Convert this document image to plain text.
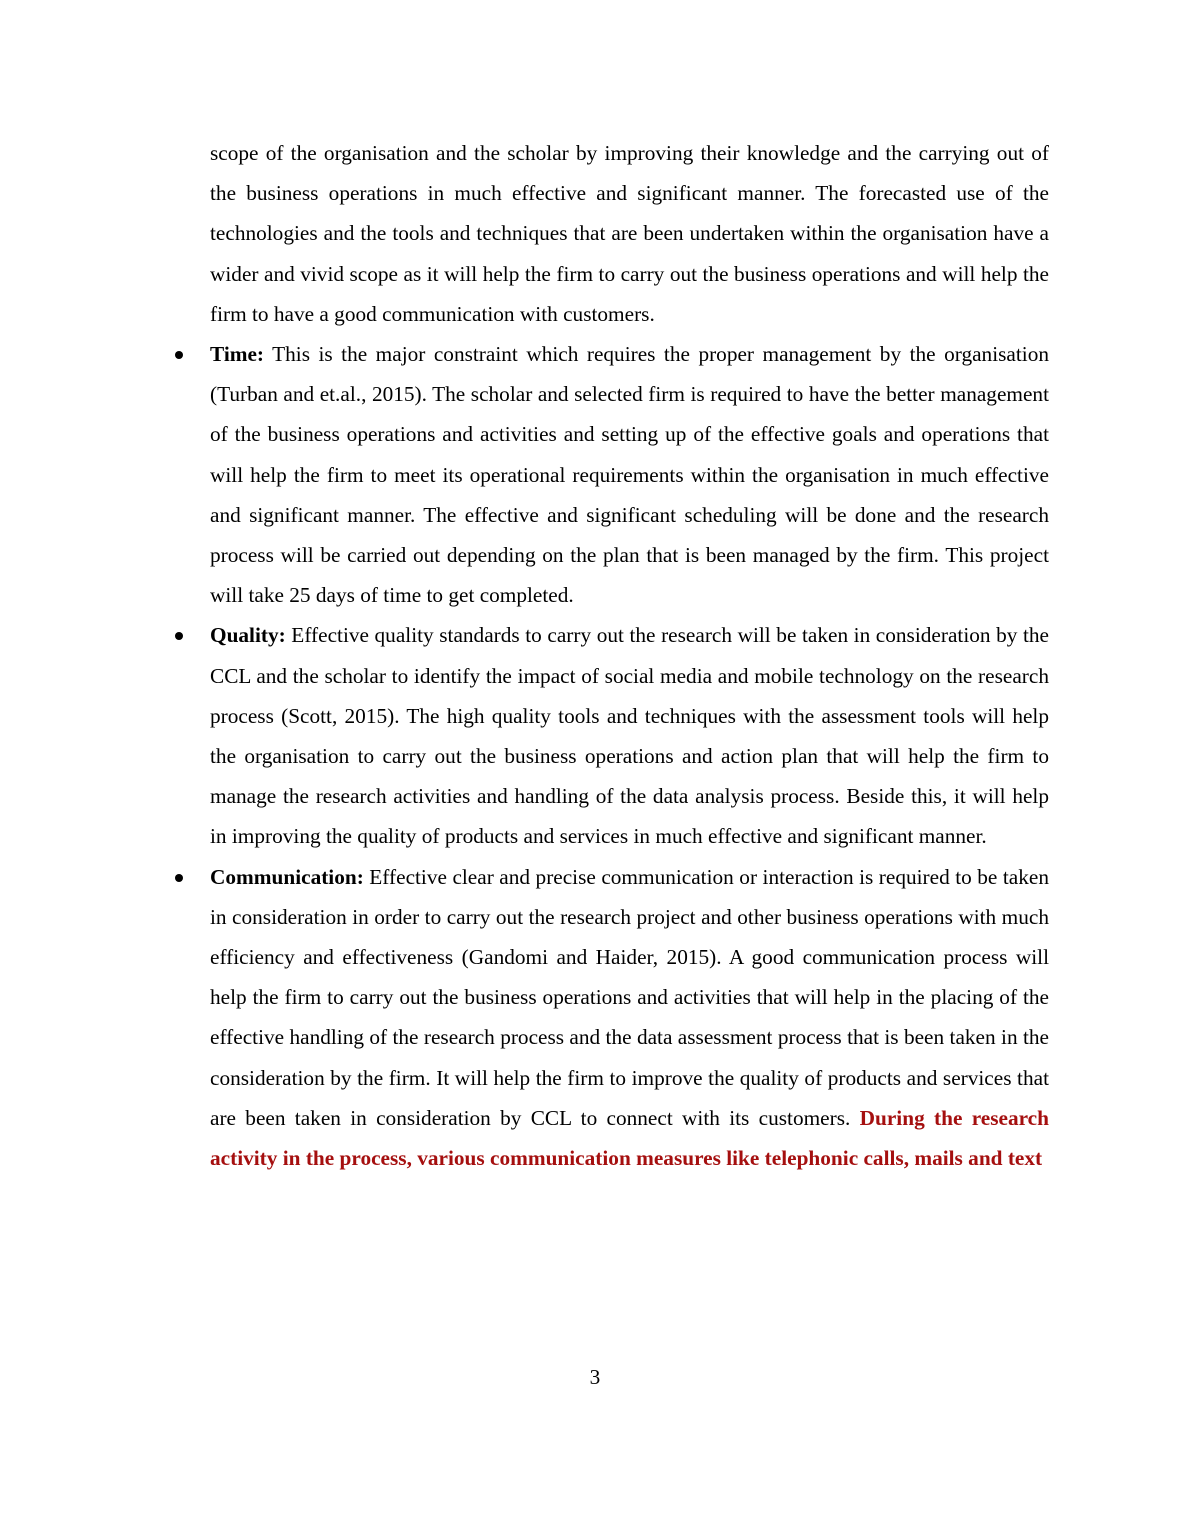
scope of the organisation and the scholar by improving their knowledge and the carrying out of the business operations in much effective and significant manner. The forecasted use of the technologies and the tools and techniques that are been undertaken within the organisation have a wider and vivid scope as it will help the firm to carry out the business operations and will help the firm to have a good communication with customers.

Time: This is the major constraint which requires the proper management by the organisation (Turban and et.al., 2015). The scholar and selected firm is required to have the better management of the business operations and activities and setting up of the effective goals and operations that will help the firm to meet its operational requirements within the organisation in much effective and significant manner. The effective and significant scheduling will be done and the research process will be carried out depending on the plan that is been managed by the firm. This project will take 25 days of time to get completed.
Quality: Effective quality standards to carry out the research will be taken in consideration by the CCL and the scholar to identify the impact of social media and mobile technology on the research process (Scott, 2015). The high quality tools and techniques with the assessment tools will help the organisation to carry out the business operations and action plan that will help the firm to manage the research activities and handling of the data analysis process. Beside this, it will help in improving the quality of products and services in much effective and significant manner.
Communication: Effective clear and precise communication or interaction is required to be taken in consideration in order to carry out the research project and other business operations with much efficiency and effectiveness (Gandomi and Haider, 2015). A good communication process will help the firm to carry out the business operations and activities that will help in the placing of the effective handling of the research process and the data assessment process that is been taken in the consideration by the firm. It will help the firm to improve the quality of products and services that are been taken in consideration by CCL to connect with its customers. During the research activity in the process, various communication measures like telephonic calls, mails and text
3
